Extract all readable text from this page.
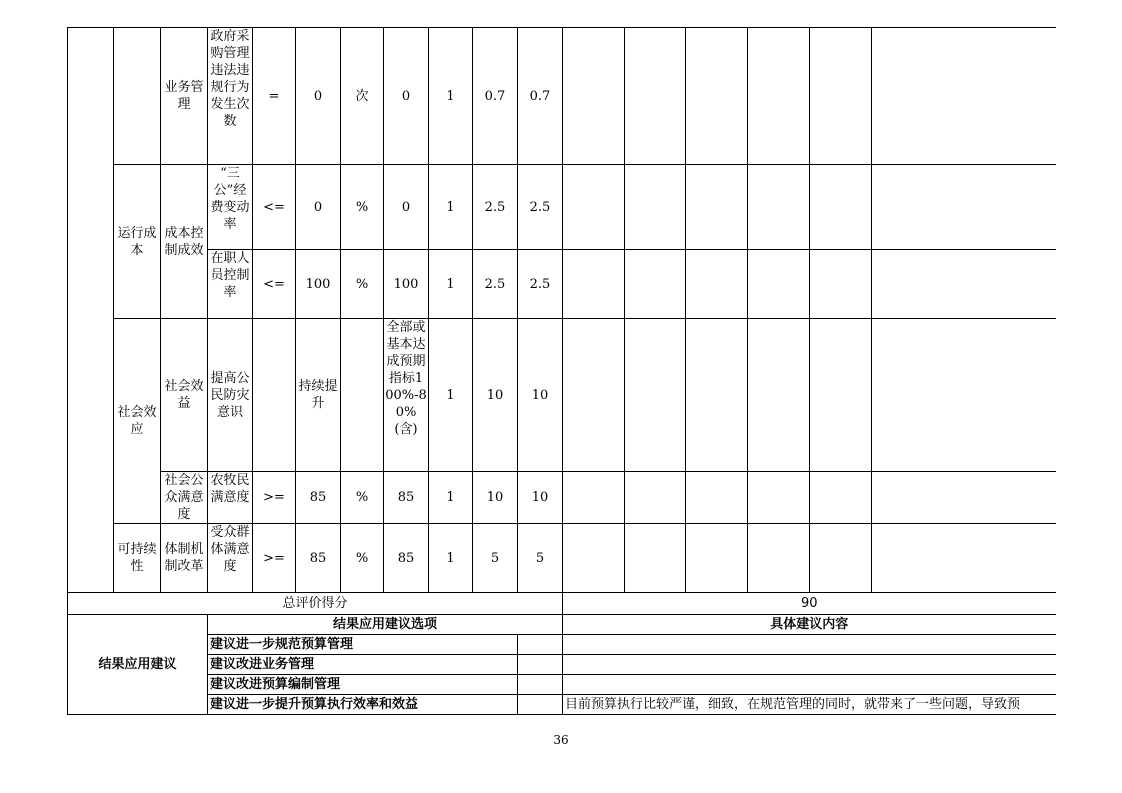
		业务管理	政府采购管理违法违规行为发生次数	=	0	次	0	1	0.7	0.7						
	运行成本	成本控制成效	“三公”经费变动率	<=	0	%	0	1	2.5	2.5						

			在职人员控制率	<=	100	%	100	1	2.5	2.5						
	社会效应	社会效益	提高公民防灾意识		持续提升		全部或基本达成预期指标100%-80%(含)	1	10	10						

		社会公众满意度	农牧民满意度	>=	85	%	85	1	10	10						
	可持续性	体制机制改革	受众群体满意度	>=	85	%	85	1	5	5						
总评价得分											90					
结果应用建议			结果应用建议选项								具体建议内容					
			建议进一步规范预算管理													
			建议改进业务管理													
			建议改进预算编制管理													
			建议进一步提升预算执行效率和效益								目前预算执行比较严谨，细致，在规范管理的同时，就带来了一些问题，导致预					
36
